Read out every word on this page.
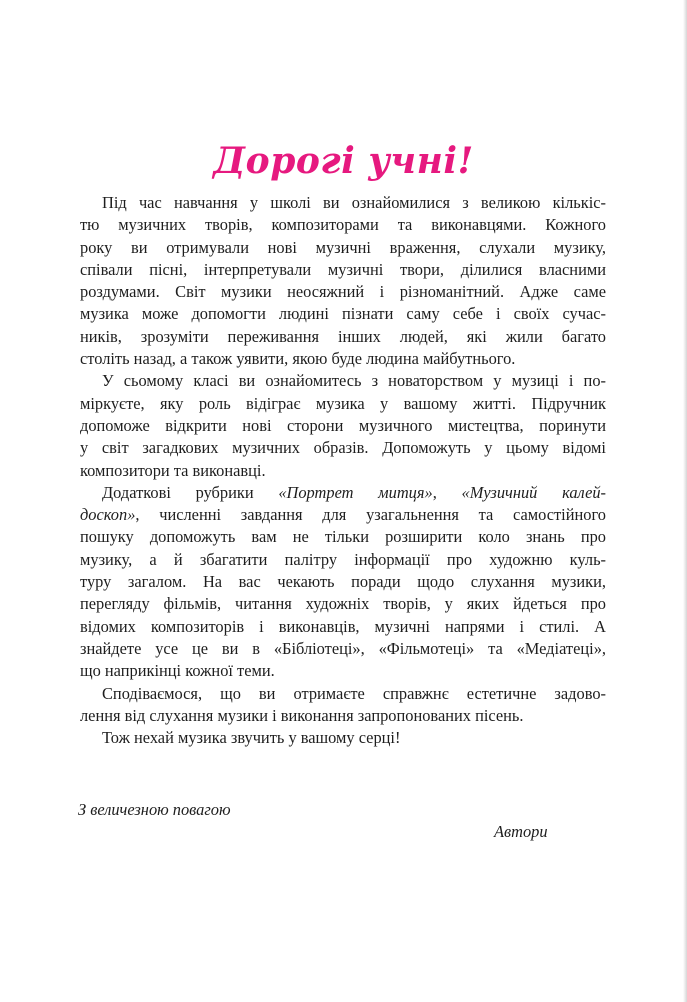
Дорогі учні!

Під час навчання у школі ви ознайомилися з великою кількіс-
тю музичних творів, композиторами та виконавцями. Кожного
року ви отримували нові музичні враження, слухали музику,
співали пісні, інтерпретували музичні твори, ділилися власними
роздумами. Світ музики неосяжний і різноманітний. Адже саме
музика може допомогти людині пізнати саму себе і своїх сучас-
ників, зрозуміти переживання інших людей, які жили багато
століть назад, а також уявити, якою буде людина майбутнього.

У сьомому класі ви ознайомитесь з новаторством у музиці і по-
міркуєте, яку роль відіграє музика у вашому житті. Підручник
допоможе відкрити нові сторони музичного мистецтва, поринути
у світ загадкових музичних образів. Допоможуть у цьому відомі
композитори та виконавці.

Додаткові рубрики «Портрет митця», «Музичний калей-
доскоп», численні завдання для узагальнення та самостійного
пошуку допоможуть вам не тільки розширити коло знань про
музику, а й збагатити палітру інформації про художню куль-
туру загалом. На вас чекають поради щодо слухання музики,
перегляду фільмів, читання художніх творів, у яких йдеться про
відомих композиторів і виконавців, музичні напрями і стилі. А
знайдете усе це ви в «Бібліотеці», «Фільмотеці» та «Медіатеці»,
що наприкінці кожної теми.

Сподіваємося, що ви отримаєте справжнє естетичне задово-
лення від слухання музики і виконання запропонованих пісень.

Тож нехай музика звучить у вашому серці!

З величезною повагою

Автори
